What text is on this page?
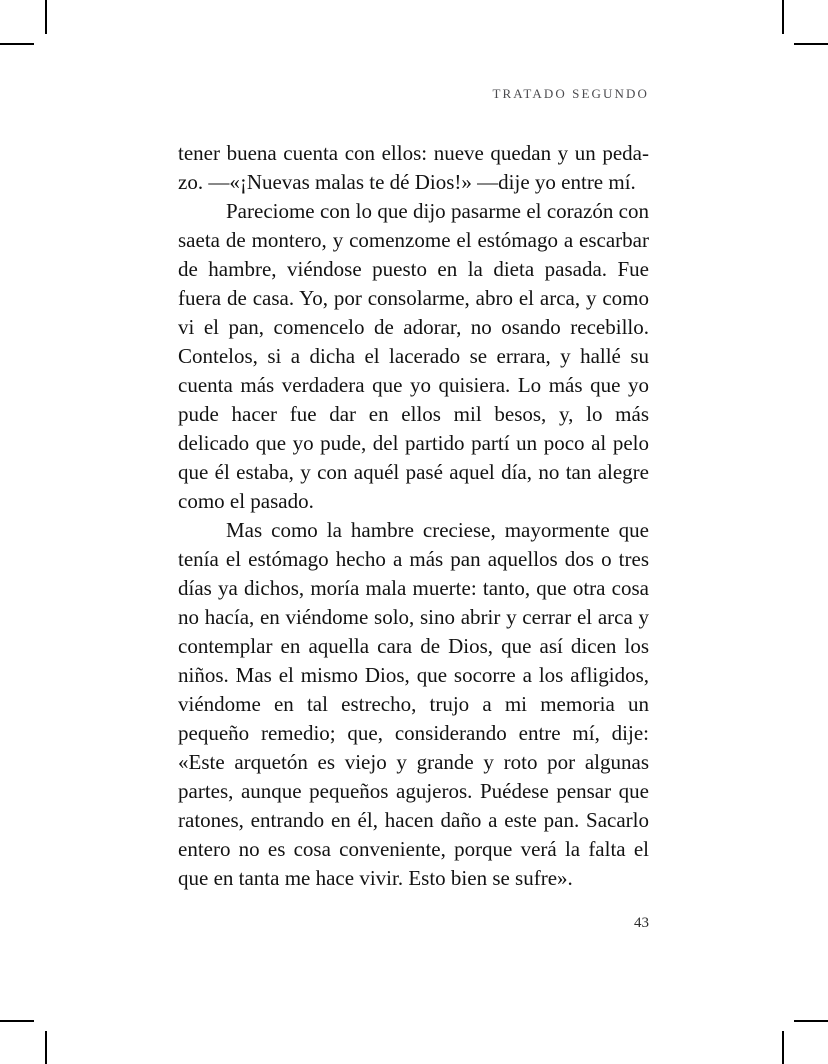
TRATADO SEGUNDO

tener buena cuenta con ellos: nueve quedan y un pedazo. —«¡Nuevas malas te dé Dios!» —dije yo entre mí.

Pareciome con lo que dijo pasarme el corazón con saeta de montero, y comenzome el estómago a escarbar de hambre, viéndose puesto en la dieta pasada. Fue fuera de casa. Yo, por consolarme, abro el arca, y como vi el pan, comencelo de adorar, no osando recebillo. Contelos, si a dicha el lacerado se errara, y hallé su cuenta más verdadera que yo quisiera. Lo más que yo pude hacer fue dar en ellos mil besos, y, lo más delicado que yo pude, del partido partí un poco al pelo que él estaba, y con aquél pasé aquel día, no tan alegre como el pasado.

Mas como la hambre creciese, mayormente que tenía el estómago hecho a más pan aquellos dos o tres días ya dichos, moría mala muerte: tanto, que otra cosa no hacía, en viéndome solo, sino abrir y cerrar el arca y contemplar en aquella cara de Dios, que así dicen los niños. Mas el mismo Dios, que socorre a los afligidos, viéndome en tal estrecho, trujo a mi memoria un pequeño remedio; que, considerando entre mí, dije: «Este arquetón es viejo y grande y roto por algunas partes, aunque pequeños agujeros. Puédese pensar que ratones, entrando en él, hacen daño a este pan. Sacarlo entero no es cosa conveniente, porque verá la falta el que en tanta me hace vivir. Esto bien se sufre».

43
